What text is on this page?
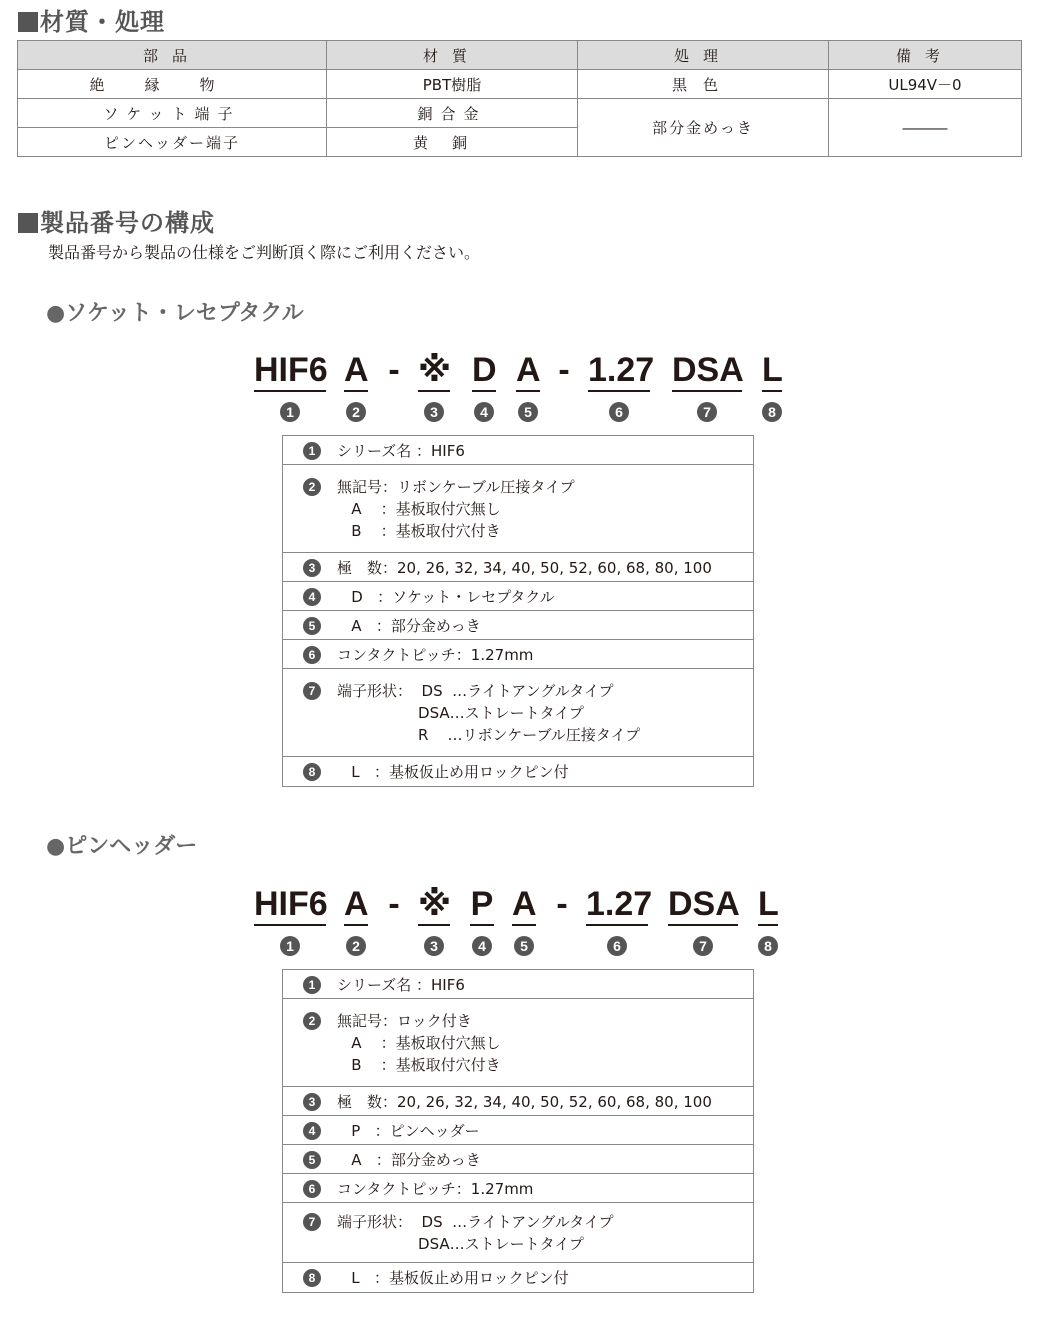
材質・処理
部品	材質	処理	備考
絶縁物	PBT樹脂	黒色	UL94V－0
ソケット端子	銅合金	部分金めっき	―――
ピンヘッダー端子	黄銅		
製品番号の構成
製品番号から製品の仕様をご判断頂く際にご利用ください。
●ソケット・レセプタクル
HIF6 A - ※ D A - 1.27 DSA L
1	2	3	4	5	6	7	8
1	シリーズ名 ：HIF6
2	無記号：リボンケーブル圧接タイプ
A    ：基板取付穴無し
B    ：基板取付穴付き
3	極　数：20, 26, 32, 34, 40, 50, 52, 60, 68, 80, 100
4	D   ：ソケット・レセプタクル
5	A   ：部分金めっき
6	コンタクトピッチ：1.27mm
7	端子形状：  DS  …ライトアングルタイプ
DSA…ストレートタイプ
R    …リボンケーブル圧接タイプ
8	L   ：基板仮止め用ロックピン付
●ピンヘッダー
HIF6 A - ※ P A - 1.27 DSA L
1	2	3	4	5	6	7	8
1	シリーズ名 ：HIF6
2	無記号：ロック付き
A    ：基板取付穴無し
B    ：基板取付穴付き
3	極　数：20, 26, 32, 34, 40, 50, 52, 60, 68, 80, 100
4	P   ：ピンヘッダー
5	A   ：部分金めっき
6	コンタクトピッチ：1.27mm
7	端子形状：  DS  …ライトアングルタイプ
DSA…ストレートタイプ
8	L   ：基板仮止め用ロックピン付
